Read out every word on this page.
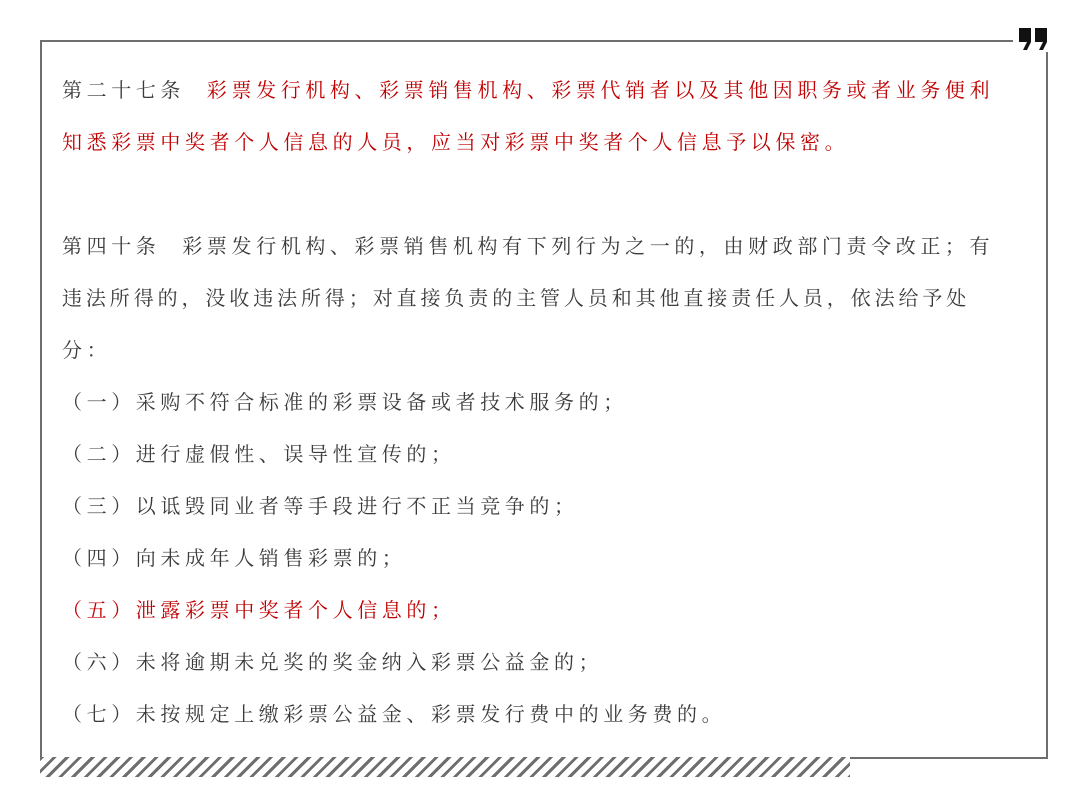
第二十七条 彩票发行机构、彩票销售机构、彩票代销者以及其他因职务或者业务便利
知悉彩票中奖者个人信息的人员，应当对彩票中奖者个人信息予以保密。
第四十条 彩票发行机构、彩票销售机构有下列行为之一的，由财政部门责令改正；有
违法所得的，没收违法所得；对直接负责的主管人员和其他直接责任人员，依法给予处
分：
（一）采购不符合标准的彩票设备或者技术服务的；
（二）进行虚假性、误导性宣传的；
（三）以诋毁同业者等手段进行不正当竞争的；
（四）向未成年人销售彩票的；
（五）泄露彩票中奖者个人信息的；
（六）未将逾期未兑奖的奖金纳入彩票公益金的；
（七）未按规定上缴彩票公益金、彩票发行费中的业务费的。
